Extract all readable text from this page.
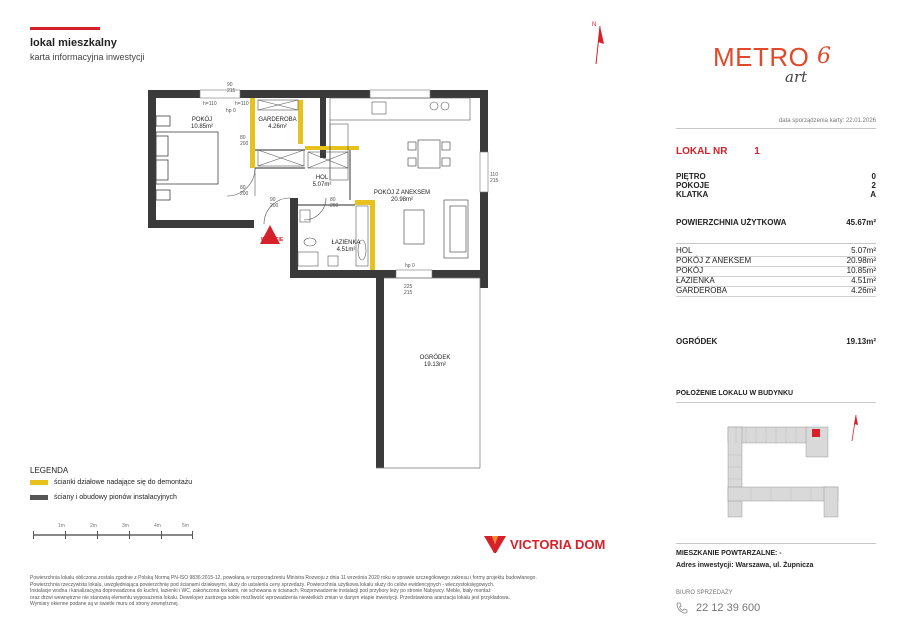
lokal mieszkalny
karta informacyjna inwestycji
POKÓJ
10.85m²
GARDEROBA
4.26m²
HOL
5.07m²
POKÓJ Z ANEKSEM
20.98m²
ŁAZIENKA
4.51m²
OGRÓDEK
19.13m²
WEJŚCIE
h=110	h=110
90 215
hp 0
80 200
80 200
90 200
80 200
110 215
225 215
hp 0
N
LEGENDA
ścianki działowe nadające się do demontażu
ściany i obudowy pionów instalacyjnych
1m	2m	3m	4m	5m
VICTORIA DOM
Powierzchnia lokalu obliczona zostala zgodnie z Polską Normą PN-ISO 9836:2015-12, powołaną w rozporządzeniu Ministra Rozwoju z dnia 11 września 2020 roku w sprawie szczegółowego zakresu i formy projektu budowlanego.
Powierzchnia rzeczywista lokalu, uwzględniająca powierzchnię pod ścianami działowymi, służy do ustalenia ceny sprzedaży. Powierzchnia użytkowa lokalu służy do celów ewidencyjnych - wieczystoksięgowych.
Instalacje wodna i kanalizacyjna doprowadzona do kuchni, łazienki i WC, zakończona korkami, nie schowana w ścianach. Rozprowadzenie instalacji pod przybory leży po stronie Nabywcy. Meble, biały montaż
oraz drzwi wewnętrzne nie stanowią elementu wyposażenia lokalu. Deweloper zastrzega sobie możliwość wprowadzenia niewielkich zmian w danym etapie inwestycji. Przedstawiona aranżacja lokalu jest przykładowa.
Wymiary okienne podane są w świetle muru od strony zewnętrznej.
METRO
art
6
data sporządzenia karty: 22.01.2026
LOKAL NR	1
PIĘTRO	0
POKOJE	2
KLATKA	A
POWIERZCHNIA UŻYTKOWA	45.67m²
HOL	5.07m²
POKÓJ Z ANEKSEM	20.98m²
POKÓJ	10.85m²
ŁAZIENKA	4.51m²
GARDEROBA	4.26m²
OGRÓDEK	19.13m²
POŁOŻENIE LOKALU W BUDYNKU
MIESZKANIE POWTARZALNE: -
Adres inwestycji: Warszawa, ul. Żupnicza
BIURO SPRZEDAŻY
22 12 39 600
